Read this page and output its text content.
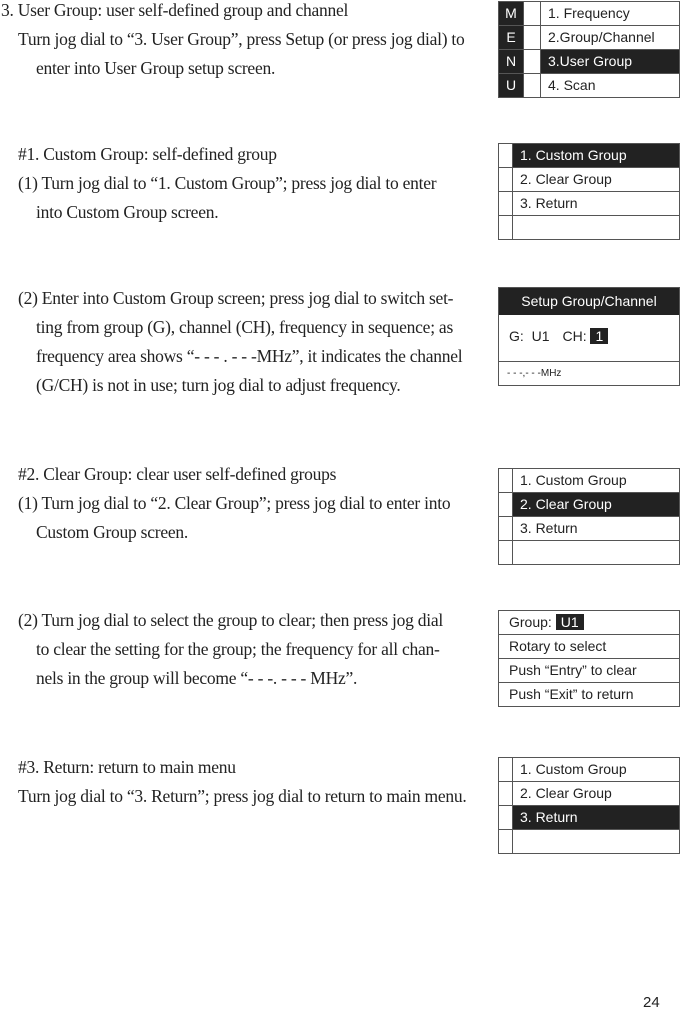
3. User Group: user self-defined group and channel
Turn jog dial to “3. User Group”, press Setup (or press jog dial) to
enter into User Group setup screen.
#1. Custom Group: self-defined group
(1) Turn jog dial to “1. Custom Group”; press jog dial to enter
into Custom Group screen.
(2) Enter into Custom Group screen; press jog dial to switch set-
ting from group (G), channel (CH), frequency in sequence; as
frequency area shows “- - - . - - -MHz”, it indicates the channel
(G/CH) is not in use; turn jog dial to adjust frequency.
#2. Clear Group: clear user self-defined groups
(1) Turn jog dial to “2. Clear Group”; press jog dial to enter into
Custom Group screen.
(2) Turn jog dial to select the group to clear; then press jog dial
to clear the setting for the group; the frequency for all chan-
nels in the group will become “- - -. - - - MHz”.
#3. Return: return to main menu
Turn jog dial to “3. Return”; press jog dial to return to main menu.
M	1. Frequency
E	2.Group/Channel
N	3.User Group
U	4. Scan
1. Custom Group
2. Clear Group
3. Return
Setup Group/Channel
G: U1 CH: 1
- - -,- - -MHz
1. Custom Group
2. Clear Group
3. Return
Group: U1
Rotary to select
Push “Entry” to clear
Push “Exit” to return
1. Custom Group
2. Clear Group
3. Return
24
